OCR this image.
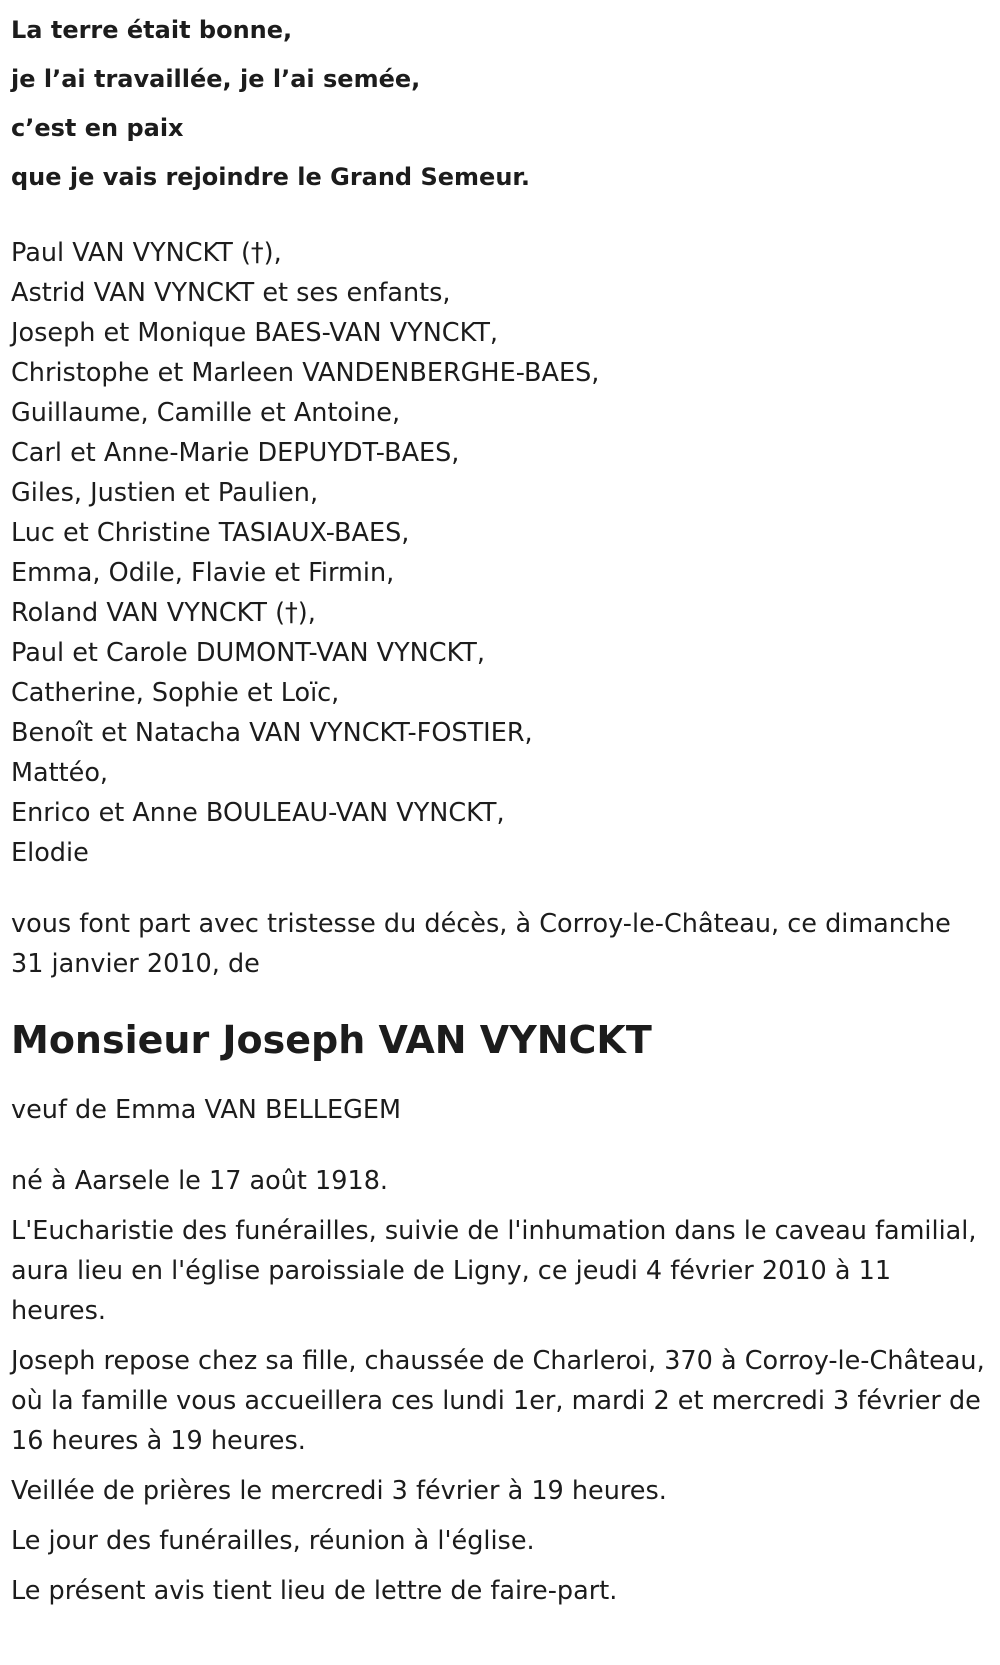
La terre était bonne,

je l’ai travaillée, je l’ai semée,

c’est en paix

que je vais rejoindre le Grand Semeur.

Paul VAN VYNCKT (†),

Astrid VAN VYNCKT et ses enfants,

Joseph et Monique BAES-VAN VYNCKT,

Christophe et Marleen VANDENBERGHE-BAES,

Guillaume, Camille et Antoine,

Carl et Anne-Marie DEPUYDT-BAES,

Giles, Justien et Paulien,

Luc et Christine TASIAUX-BAES,

Emma, Odile, Flavie et Firmin,

Roland VAN VYNCKT (†),

Paul et Carole DUMONT-VAN VYNCKT,

Catherine, Sophie et Loïc,

Benoît et Natacha VAN VYNCKT-FOSTIER,

Mattéo,

Enrico et Anne BOULEAU-VAN VYNCKT,

Elodie

vous font part avec tristesse du décès, à Corroy-le-Château, ce dimanche 31 janvier 2010, de
Monsieur Joseph VAN VYNCKT
veuf de Emma VAN BELLEGEM

né à Aarsele le 17 août 1918.

L'Eucharistie des funérailles, suivie de l'inhumation dans le caveau familial, aura lieu en l'église paroissiale de Ligny, ce jeudi 4 février 2010 à 11 heures.

Joseph repose chez sa fille, chaussée de Charleroi, 370 à Corroy-le-Château, où la famille vous accueillera ces lundi 1er, mardi 2 et mercredi 3 février de 16 heures à 19 heures.

Veillée de prières le mercredi 3 février à 19 heures.

Le jour des funérailles, réunion à l'église.

Le présent avis tient lieu de lettre de faire-part.
